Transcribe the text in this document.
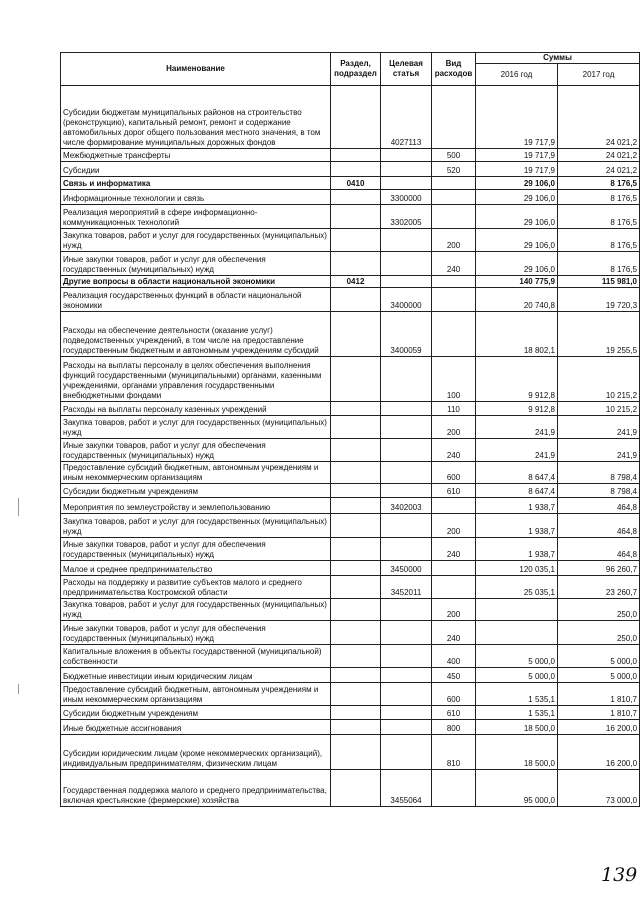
Наименование	Раздел, подраздел	Целевая статья	Вид расходов	Суммы	
				2016 год	2017 год
Субсидии бюджетам муниципальных районов на строительство (реконструкцию), капитальный ремонт, ремонт и содержание автомобильных дорог общего пользования местного значения, в том числе формирование муниципальных дорожных фондов		4027113		19 717,9	24 021,2
Межбюджетные трансферты			500	19 717,9	24 021,2
Субсидии			520	19 717,9	24 021,2
Связь и информатика	0410			29 106,0	8 176,5
Информационные технологии и связь		3300000		29 106,0	8 176,5
Реализация мероприятий в сфере информационно-коммуникационных технологий		3302005		29 106,0	8 176,5
Закупка товаров, работ и услуг для государственных (муниципальных) нужд			200	29 106,0	8 176,5
Иные закупки товаров, работ и услуг для обеспечения государственных (муниципальных) нужд			240	29 106,0	8 176,5
Другие вопросы в области национальной экономики	0412			140 775,9	115 981,0
Реализация государственных функций в области национальной экономики		3400000		20 740,8	19 720,3
Расходы на обеспечение деятельности (оказание услуг) подведомственных учреждений, в том числе на предоставление государственным бюджетным и автономным учреждениям субсидий		3400059		18 802,1	19 255,5
Расходы на выплаты персоналу в целях обеспечения выполнения функций государственными (муниципальными) органами, казенными учреждениями, органами управления государственными внебюджетными фондами			100	9 912,8	10 215,2
Расходы на выплаты персоналу казенных учреждений			110	9 912,8	10 215,2
Закупка товаров, работ и услуг для государственных (муниципальных) нужд			200	241,9	241,9
Иные закупки товаров, работ и услуг для обеспечения государственных (муниципальных) нужд			240	241,9	241,9
Предоставление субсидий бюджетным, автономным учреждениям и иным некоммерческим организациям			600	8 647,4	8 798,4
Субсидии бюджетным учреждениям			610	8 647,4	8 798,4
Мероприятия по землеустройству и землепользованию		3402003		1 938,7	464,8
Закупка товаров, работ и услуг для государственных (муниципальных) нужд			200	1 938,7	464,8
Иные закупки товаров, работ и услуг для обеспечения государственных (муниципальных) нужд			240	1 938,7	464,8
Малое и среднее предпринимательство		3450000		120 035,1	96 260,7
Расходы на поддержку и развитие субъектов малого и среднего предпринимательства Костромской области		3452011		25 035,1	23 260,7
Закупка товаров, работ и услуг для государственных (муниципальных) нужд			200		250,0
Иные закупки товаров, работ и услуг для обеспечения государственных (муниципальных) нужд			240		250,0
Капитальные вложения в объекты государственной (муниципальной) собственности			400	5 000,0	5 000,0
Бюджетные инвестиции иным юридическим лицам			450	5 000,0	5 000,0
Предоставление субсидий бюджетным, автономным учреждениям и иным некоммерческим организациям			600	1 535,1	1 810,7
Субсидии бюджетным учреждениям			610	1 535,1	1 810,7
Иные бюджетные ассигнования			800	18 500,0	16 200,0
Субсидии юридическим лицам (кроме некоммерческих организаций), индивидуальным предпринимателям, физическим лицам			810	18 500,0	16 200,0
Государственная поддержка малого и среднего предпринимательства, включая крестьянские (фермерские) хозяйства		3455064		95 000,0	73 000,0
139
